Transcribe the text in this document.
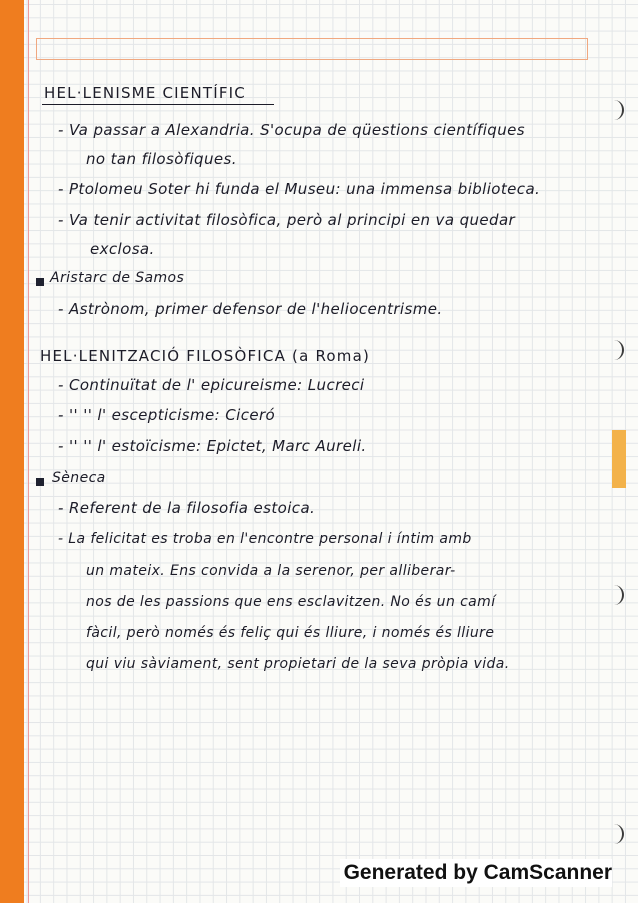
HEL·LENISME CIENTÍFIC

- Va passar a Alexandria. S'ocupa de qüestions científiques

no tan filosòfiques.

- Ptolomeu Soter hi funda el Museu: una immensa biblioteca.

- Va tenir activitat filosòfica, però al principi en va quedar

exclosa.

Aristarc de Samos

- Astrònom, primer defensor de l'heliocentrisme.

HEL·LENITZACIÓ FILOSÒFICA (a Roma)

- Continuïtat de l' epicureisme: Lucreci

- '' '' l' escepticisme: Ciceró

- '' '' l' estoïcisme: Epictet, Marc Aureli.

Sèneca

- Referent de la filosofia estoica.

- La felicitat es troba en l'encontre personal i íntim amb

un mateix. Ens convida a la serenor, per alliberar-

nos de les passions que ens esclavitzen. No és un camí

fàcil, però només és feliç qui és lliure, i només és lliure

qui viu sàviament, sent propietari de la seva pròpia vida.

Generated by CamScanner
